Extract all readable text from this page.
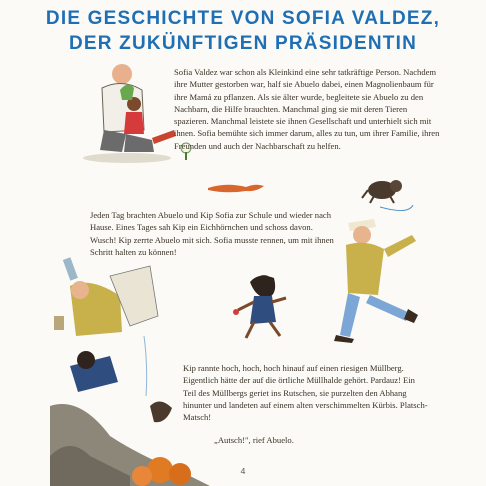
DIE GESCHICHTE VON SOFIA VALDEZ,
DER ZUKÜNFTIGEN PRÄSIDENTIN

Sofia Valdez war schon als Kleinkind eine sehr tatkräftige Person. Nachdem ihre Mutter gestorben war, half sie Abuelo dabei, einen Magnolienbaum für ihre Mamá zu pflanzen. Als sie älter wurde, begleitete sie Abuelo zu den Nachbarn, die Hilfe brauchten. Manchmal ging sie mit deren Tieren spazieren. Manchmal leistete sie ihnen Gesellschaft und unterhielt sich mit ihnen. Sofia bemühte sich immer darum, alles zu tun, um ihrer Familie, ihren Freunden und auch der Nachbarschaft zu helfen.

Jeden Tag brachten Abuelo und Kip Sofia zur Schule und wieder nach Hause. Eines Tages sah Kip ein Eichhörnchen und schoss davon. Wusch! Kip zerrte Abuelo mit sich. Sofia musste rennen, um mit ihnen Schritt halten zu können!

Kip rannte hoch, hoch, hoch hinauf auf einen riesigen Müllberg. Eigentlich hätte der auf die örtliche Müllhalde gehört. Pardauz! Ein Teil des Müllbergs geriet ins Rutschen, sie purzelten den Abhang hinunter und landeten auf einem alten verschimmelten Kürbis. Platsch-Matsch!

„Autsch!", rief Abuelo.

4
